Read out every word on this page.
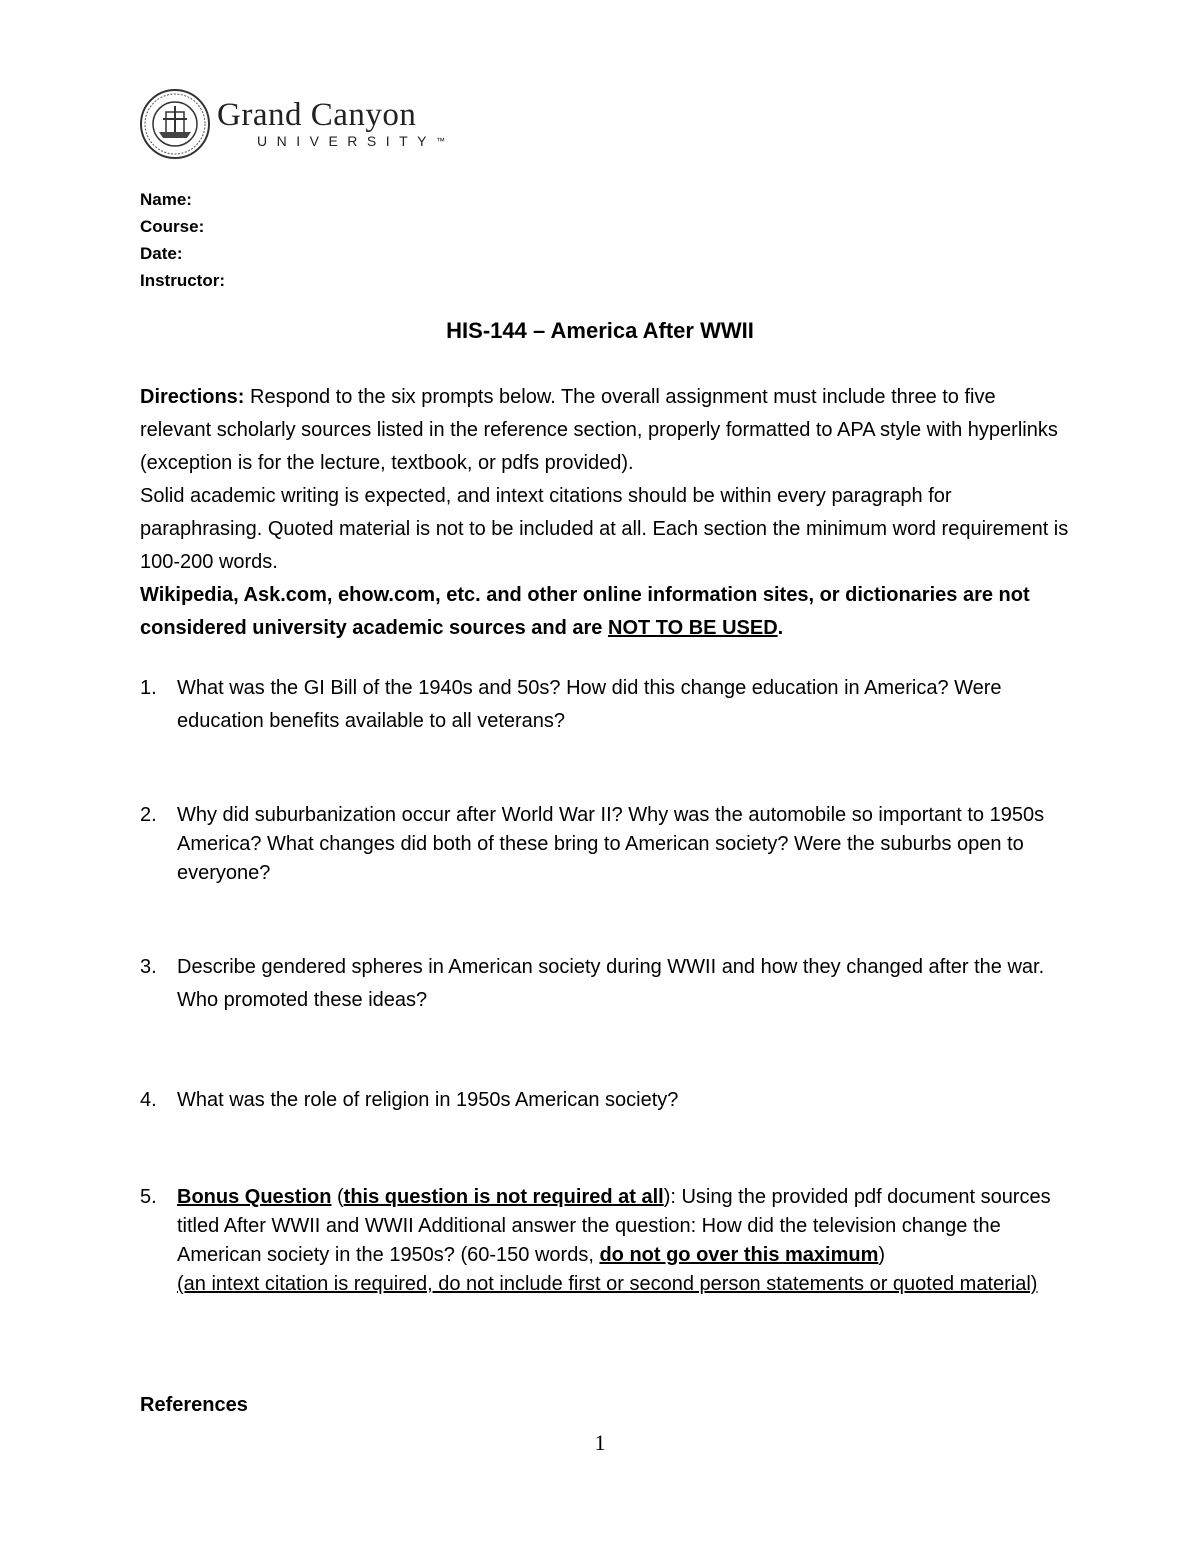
Grand Canyon
UNIVERSITY™
Name:
Course:
Date:
Instructor:
HIS-144 – America After WWII

Directions: Respond to the six prompts below. The overall assignment must include three to five relevant scholarly sources listed in the reference section, properly formatted to APA style with hyperlinks (exception is for the lecture, textbook, or pdfs provided).

Solid academic writing is expected, and intext citations should be within every paragraph for paraphrasing. Quoted material is not to be included at all. Each section the minimum word requirement is 100-200 words.

Wikipedia, Ask.com, ehow.com, etc. and other online information sites, or dictionaries are not considered university academic sources and are NOT TO BE USED.

1.	What was the GI Bill of the 1940s and 50s? How did this change education in America? Were education benefits available to all veterans?
2.	Why did suburbanization occur after World War II? Why was the automobile so important to 1950s America? What changes did both of these bring to American society? Were the suburbs open to everyone?
3.	Describe gendered spheres in American society during WWII and how they changed after the war. Who promoted these ideas?
4.	What was the role of religion in 1950s American society?
5.	Bonus Question (this question is not required at all): Using the provided pdf document sources titled After WWII and WWII Additional answer the question: How did the television change the American society in the 1950s? (60-150 words, do not go over this maximum)
(an intext citation is required, do not include first or second person statements or quoted material)
References
1
